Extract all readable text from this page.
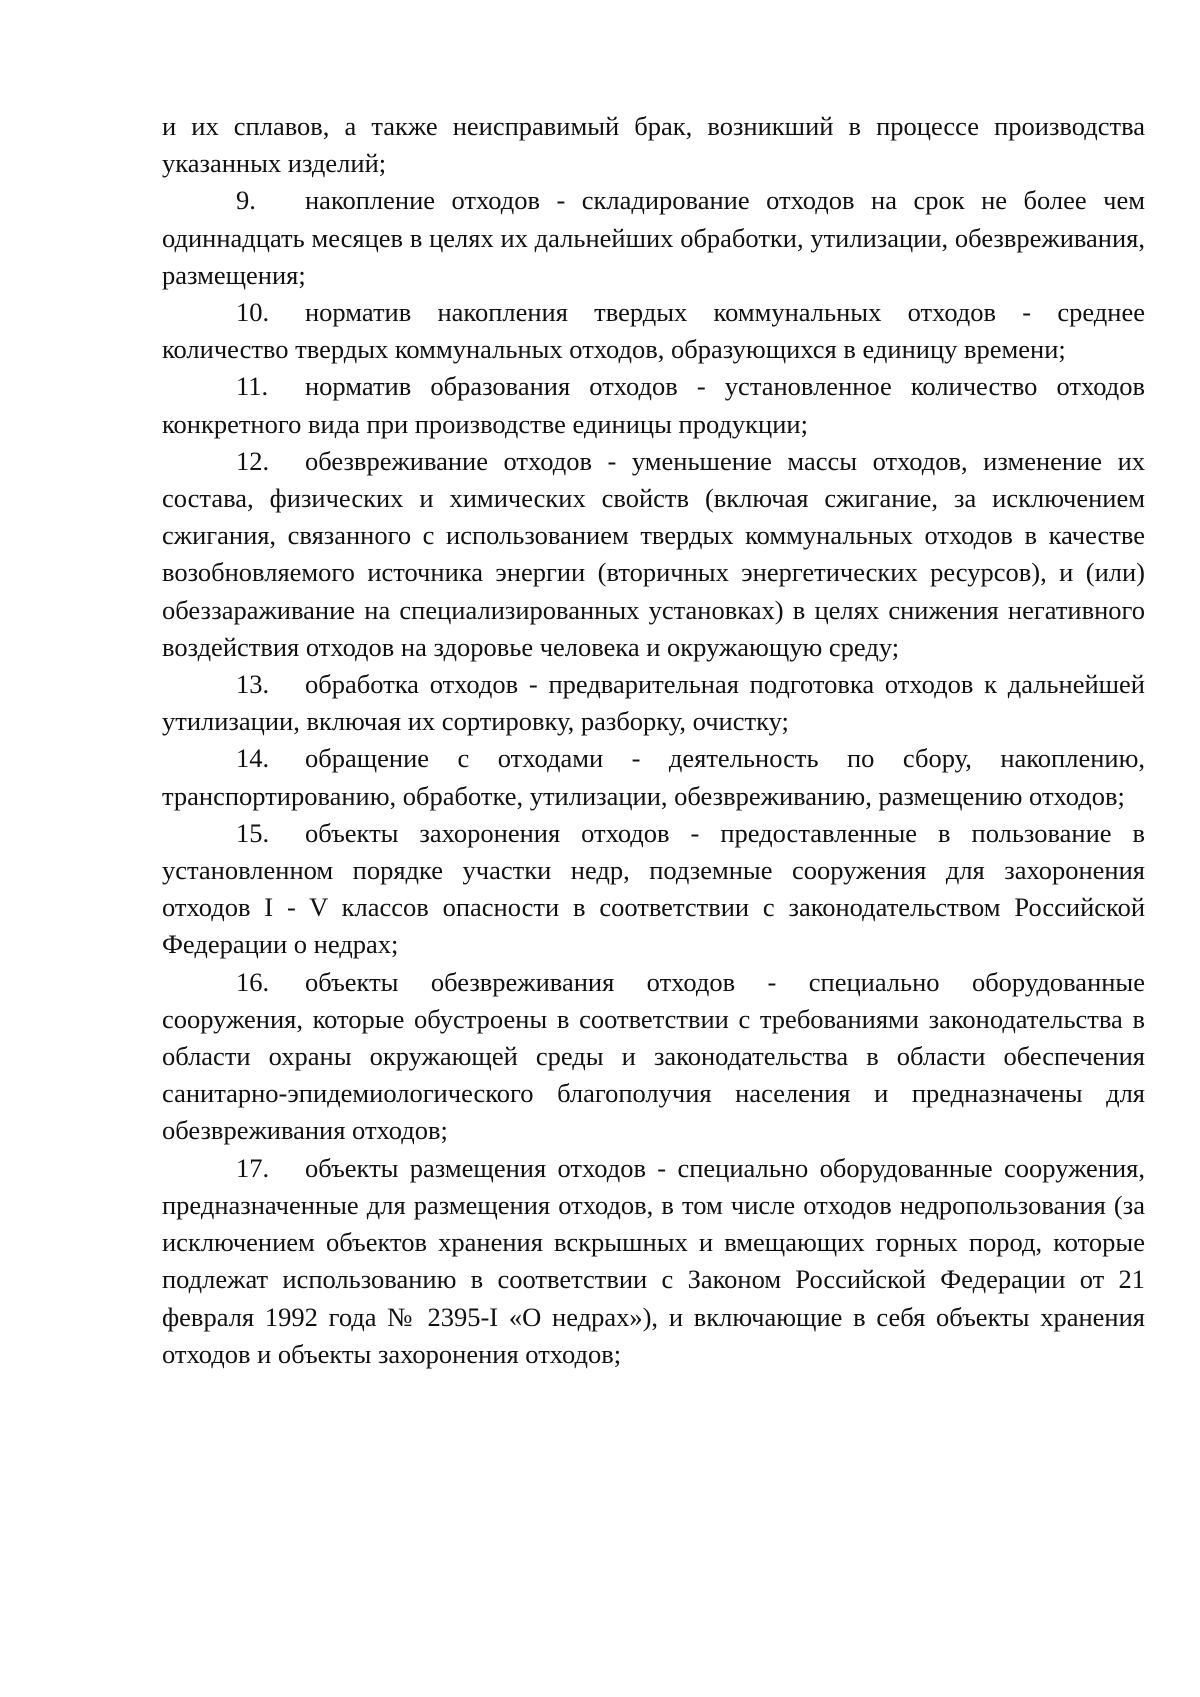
и их сплавов, а также неисправимый брак, возникший в процессе производства указанных изделий;

9. накопление отходов - складирование отходов на срок не более чем одиннадцать месяцев в целях их дальнейших обработки, утилизации, обезвреживания, размещения;

10. норматив накопления твердых коммунальных отходов - среднее количество твердых коммунальных отходов, образующихся в единицу времени;

11. норматив образования отходов - установленное количество отходов конкретного вида при производстве единицы продукции;

12. обезвреживание отходов - уменьшение массы отходов, изменение их состава, физических и химических свойств (включая сжигание, за исключением сжигания, связанного с использованием твердых коммунальных отходов в качестве возобновляемого источника энергии (вторичных энергетических ресурсов), и (или) обеззараживание на специализированных установках) в целях снижения негативного воздействия отходов на здоровье человека и окружающую среду;

13. обработка отходов - предварительная подготовка отходов к дальнейшей утилизации, включая их сортировку, разборку, очистку;

14. обращение с отходами - деятельность по сбору, накоплению, транспортированию, обработке, утилизации, обезвреживанию, размещению отходов;

15. объекты захоронения отходов - предоставленные в пользование в установленном порядке участки недр, подземные сооружения для захоронения отходов I - V классов опасности в соответствии с законодательством Российской Федерации о недрах;

16. объекты обезвреживания отходов - специально оборудованные сооружения, которые обустроены в соответствии с требованиями законодательства в области охраны окружающей среды и законодательства в области обеспечения санитарно-эпидемиологического благополучия населения и предназначены для обезвреживания отходов;

17. объекты размещения отходов - специально оборудованные сооружения, предназначенные для размещения отходов, в том числе отходов недропользования (за исключением объектов хранения вскрышных и вмещающих горных пород, которые подлежат использованию в соответствии с Законом Российской Федерации от 21 февраля 1992 года № 2395-I «О недрах»), и включающие в себя объекты хранения отходов и объекты захоронения отходов;
